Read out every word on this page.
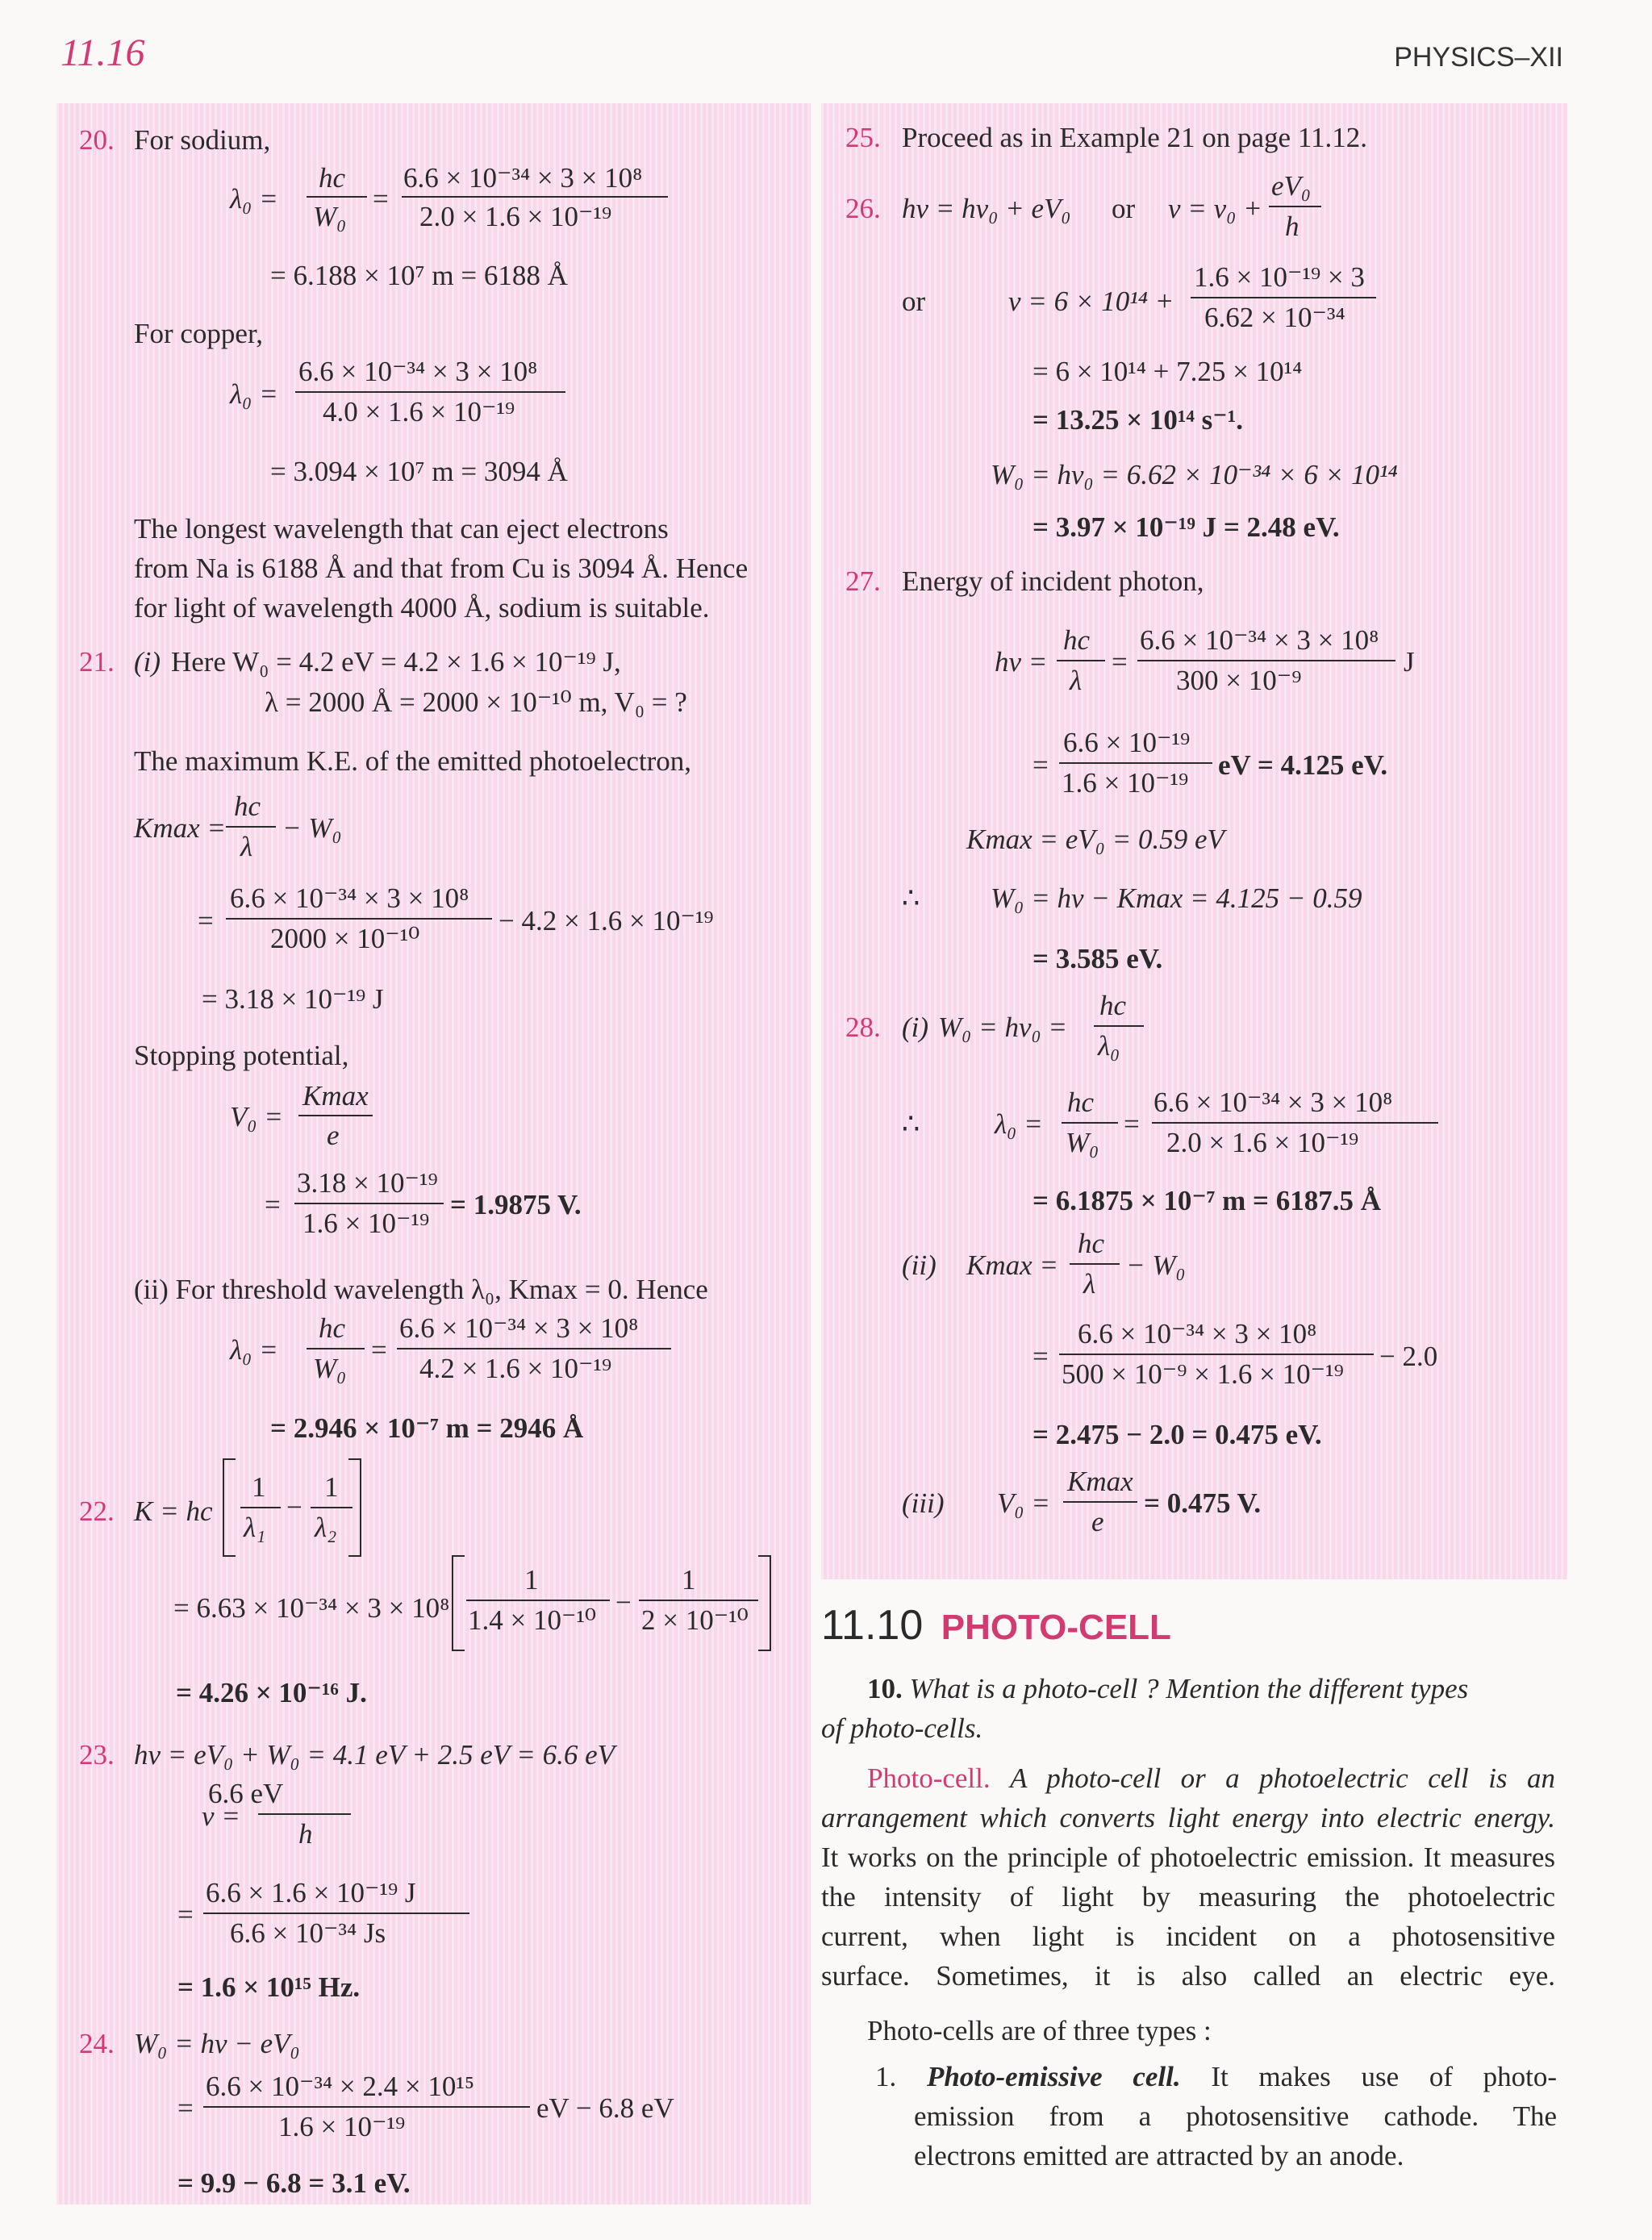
11.16	PHYSICS–XII
20. For sodium,
λ₀ =
hc
W₀
=
6.6 × 10⁻³⁴ × 3 × 10⁸
2.0 × 1.6 × 10⁻¹⁹
= 6.188 × 10⁷ m = 6188 Å
For copper,
λ₀ =
6.6 × 10⁻³⁴ × 3 × 10⁸
4.0 × 1.6 × 10⁻¹⁹
= 3.094 × 10⁷ m = 3094 Å
The longest wavelength that can eject electrons
from Na is 6188 Å and that from Cu is 3094 Å. Hence
for light of wavelength 4000 Å, sodium is suitable.
21. (i) Here W₀ = 4.2 eV = 4.2 × 1.6 × 10⁻¹⁹ J,
λ = 2000 Å = 2000 × 10⁻¹⁰ m, V₀ = ?
The maximum K.E. of the emitted photoelectron,
Kmax =
hc
λ
− W₀
=
6.6 × 10⁻³⁴ × 3 × 10⁸
2000 × 10⁻¹⁰
− 4.2 × 1.6 × 10⁻¹⁹
= 3.18 × 10⁻¹⁹ J
Stopping potential,
V₀ =
Kmax
e
=
3.18 × 10⁻¹⁹
1.6 × 10⁻¹⁹
= 1.9875 V.
(ii) For threshold wavelength λ₀, Kmax = 0. Hence
λ₀ =
hc
W₀
=
6.6 × 10⁻³⁴ × 3 × 10⁸
4.2 × 1.6 × 10⁻¹⁹
= 2.946 × 10⁻⁷ m = 2946 Å
22. K = hc
1
λ₁
−
1
λ₂
= 6.63 × 10⁻³⁴ × 3 × 10⁸
1
1.4 × 10⁻¹⁰
−
1
2 × 10⁻¹⁰
= 4.26 × 10⁻¹⁶ J.
23. hν = eV₀ + W₀ = 4.1 eV + 2.5 eV = 6.6 eV
ν =
6.6 eV
h
=
6.6 × 1.6 × 10⁻¹⁹ J
6.6 × 10⁻³⁴ Js
= 1.6 × 10¹⁵ Hz.
24. W₀ = hν − eV₀
=
6.6 × 10⁻³⁴ × 2.4 × 10¹⁵
1.6 × 10⁻¹⁹
eV − 6.8 eV
= 9.9 − 6.8 = 3.1 eV.
25. Proceed as in Example 21 on page 11.12.
26. hν = hν₀ + eV₀ or ν = ν₀ +
eV₀
h
or	ν = 6 × 10¹⁴ +
1.6 × 10⁻¹⁹ × 3
6.62 × 10⁻³⁴
= 6 × 10¹⁴ + 7.25 × 10¹⁴
= 13.25 × 10¹⁴ s⁻¹.
W₀ = hν₀ = 6.62 × 10⁻³⁴ × 6 × 10¹⁴
= 3.97 × 10⁻¹⁹ J = 2.48 eV.
27. Energy of incident photon,
hν =
hc
λ
=
6.6 × 10⁻³⁴ × 3 × 10⁸
300 × 10⁻⁹
J
=
6.6 × 10⁻¹⁹
1.6 × 10⁻¹⁹
eV = 4.125 eV.
Kmax = eV₀ = 0.59 eV
∴	W₀ = hν − Kmax = 4.125 − 0.59
= 3.585 eV.
28. (i) W₀ = hν₀ =
hc
λ₀
∴	λ₀ =
hc
W₀
=
6.6 × 10⁻³⁴ × 3 × 10⁸
2.0 × 1.6 × 10⁻¹⁹
= 6.1875 × 10⁻⁷ m = 6187.5 Å
(ii) Kmax =
hc
λ
− W₀
=
6.6 × 10⁻³⁴ × 3 × 10⁸
500 × 10⁻⁹ × 1.6 × 10⁻¹⁹
− 2.0
= 2.475 − 2.0 = 0.475 eV.
(iii) V₀ =
Kmax
e
= 0.475 V.
11.10 PHOTO-CELL
10. What is a photo-cell ? Mention the different types
of photo-cells.
Photo-cell. A photo-cell or a photoelectric cell is an
arrangement which converts light energy into electric energy.
It works on the principle of photoelectric emission. It measures
the intensity of light by measuring the photoelectric
current, when light is incident on a photosensitive
surface. Sometimes, it is also called an electric eye.
Photo-cells are of three types :
1. Photo-emissive cell. It makes use of photo-
emission from a photosensitive cathode. The
electrons emitted are attracted by an anode.
